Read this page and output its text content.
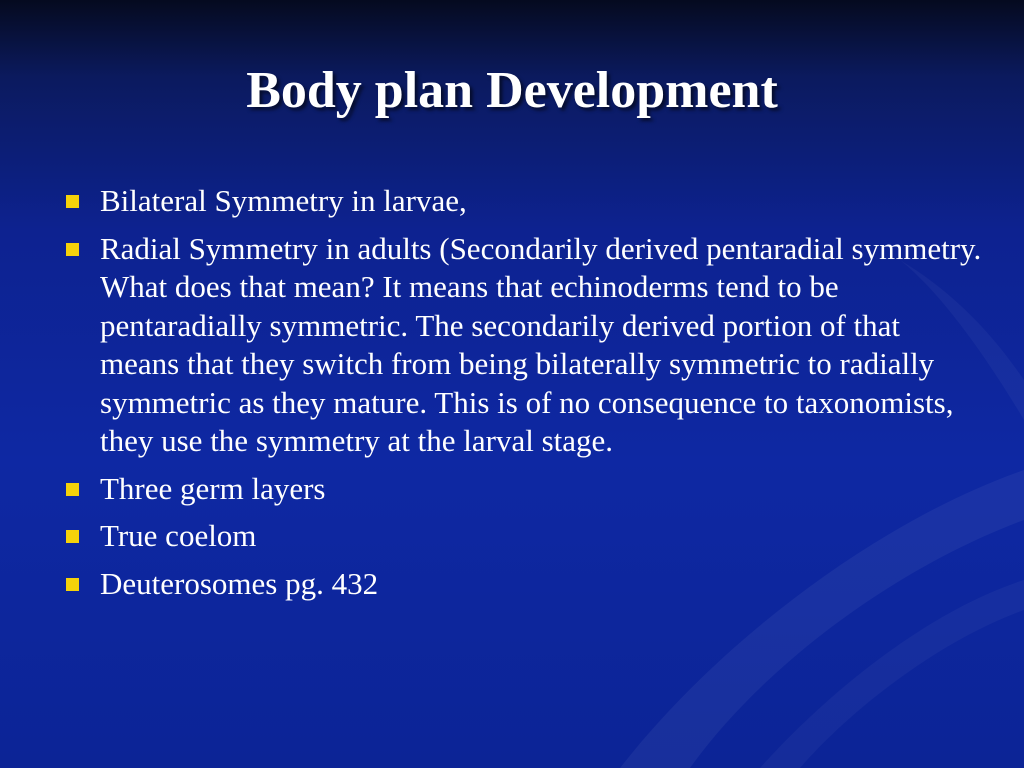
Body plan Development
Bilateral Symmetry in larvae,
Radial Symmetry in adults (Secondarily derived pentaradial symmetry. What does that mean? It means that echinoderms tend to be pentaradially symmetric. The secondarily derived portion of that means that they switch from being bilaterally symmetric to radially symmetric as they mature. This is of no consequence to taxonomists, they use the symmetry at the larval stage.
Three germ layers
True coelom
Deuterosomes pg. 432
